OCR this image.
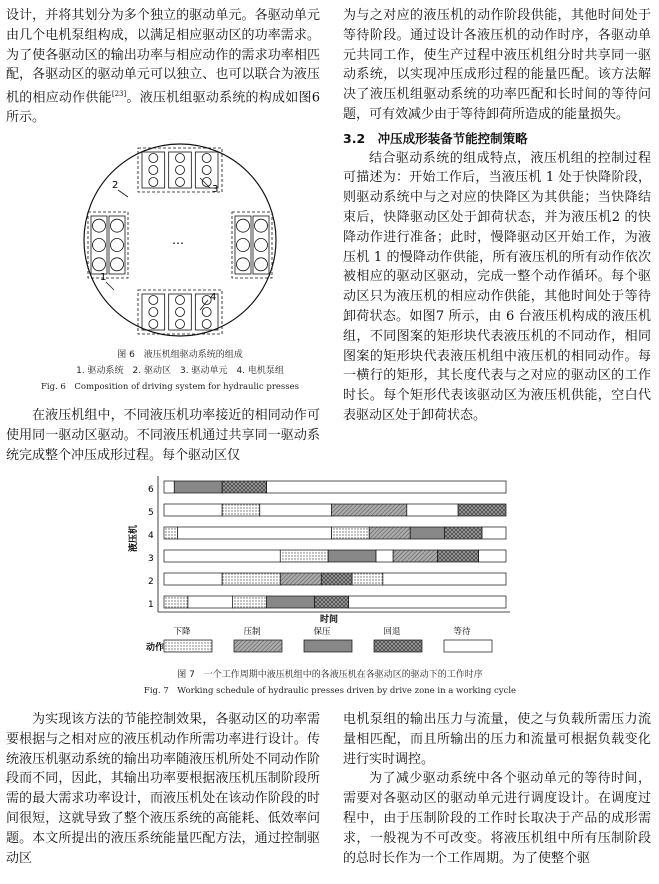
设计，并将其划分为多个独立的驱动单元。各驱动单元由几个电机泵组构成，以满足相应驱动区的功率需求。为了使各驱动区的输出功率与相应动作的需求功率相匹配，各驱动区的驱动单元可以独立、也可以联合为液压机的相应动作供能[23]。液压机组驱动系统的构成如图6 所示。

为与之对应的液压机的动作阶段供能，其他时间处于等待阶段。通过设计各液压机的动作时序，各驱动单元共同工作，使生产过程中液压机组分时共享同一驱动系统，以实现冲压成形过程的能量匹配。该方法解决了液压机组驱动系统的功率匹配和长时间的等待问题，可有效减少由于等待卸荷所造成的能量损失。

3.2　冲压成形装备节能控制策略

结合驱动系统的组成特点，液压机组的控制过程可描述为：开始工作后，当液压机 1 处于快降阶段，则驱动系统中与之对应的快降区为其供能；当快降结束后，快降驱动区处于卸荷状态，并为液压机2 的快降动作进行准备；此时，慢降驱动区开始工作，为液压机 1 的慢降动作供能，所有液压机的所有动作依次被相应的驱动区驱动，完成一整个动作循环。每个驱动区只为液压机的相应动作供能，其他时间处于等待卸荷状态。如图7 所示，由 6 台液压机构成的液压机组，不同图案的矩形块代表液压机的不同动作，相同图案的矩形块代表液压机组中液压机的相同动作。每一横行的矩形，其长度代表与之对应的驱动区的工作时长。每个矩形代表该驱动区为液压机供能，空白代表驱动区处于卸荷状态。

…
2	3
1
4
图 6　液压机组驱动系统的组成
1. 驱动系统　2. 驱动区　3. 驱动单元　4. 电机泵组
Fig. 6　Composition of driving system for hydraulic presses

在液压机组中，不同液压机功率接近的相同动作可使用同一驱动区驱动。不同液压机通过共享同一驱动系统完成整个冲压成形过程。每个驱动区仅

1
2
3
4
5
6
液压机
时间
下降	压制	保压	回退	等待
动作
图 7　一个工作周期中液压机组中的各液压机在各驱动区的驱动下的工作时序
Fig. 7　Working schedule of hydraulic presses driven by drive zone in a working cycle

为实现该方法的节能控制效果，各驱动区的功率需要根据与之相对应的液压机动作所需功率进行设计。传统液压机驱动系统的输出功率随液压机所处不同动作阶段而不同，因此，其输出功率要根据液压机压制阶段所需的最大需求功率设计，而液压机处在该动作阶段的时间很短，这就导致了整个液压系统的高能耗、低效率问题。本文所提出的液压系统能量匹配方法，通过控制驱动区

电机泵组的输出压力与流量，使之与负载所需压力流量相匹配，而且所输出的压力和流量可根据负载变化进行实时调控。

为了减少驱动系统中各个驱动单元的等待时间，需要对各驱动区的驱动单元进行调度设计。在调度过程中，由于压制阶段的工作时长取决于产品的成形需求，一般视为不可改变。将液压机组中所有压制阶段的总时长作为一个工作周期。为了使整个驱
